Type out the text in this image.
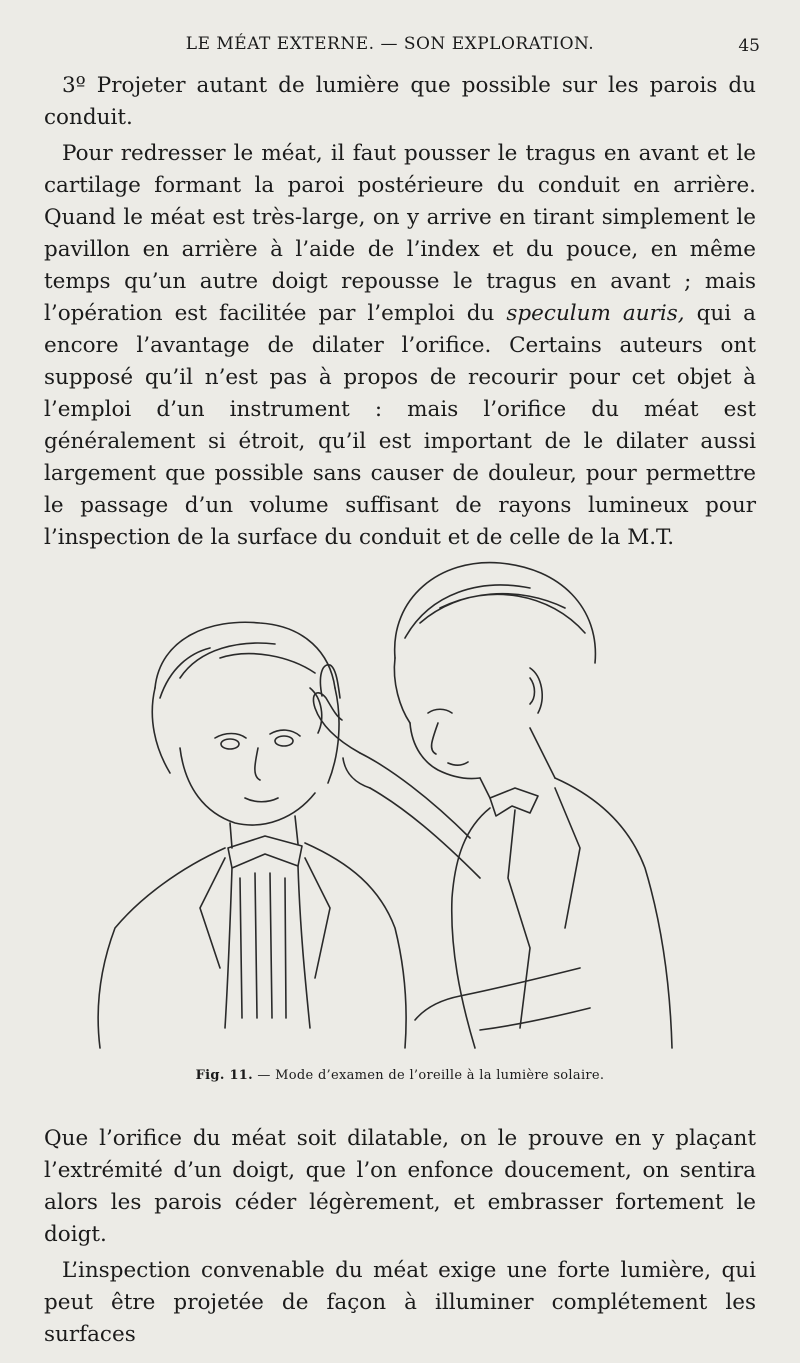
LE MÉAT EXTERNE. — SON EXPLORATION.	45

3º Projeter autant de lumière que possible sur les parois du conduit.

Pour redresser le méat, il faut pousser le tragus en avant et le cartilage formant la paroi postérieure du conduit en arrière. Quand le méat est très-large, on y arrive en tirant simplement le pavillon en arrière à l’aide de l’index et du pouce, en même temps qu’un autre doigt repousse le tragus en avant ; mais l’opération est facilitée par l’emploi du speculum auris, qui a encore l’avantage de dilater l’orifice. Certains auteurs ont supposé qu’il n’est pas à propos de recourir pour cet objet à l’emploi d’un instrument : mais l’orifice du méat est généralement si étroit, qu’il est important de le dilater aussi largement que possible sans causer de douleur, pour permettre le passage d’un volume suffisant de rayons lumineux pour l’inspection de la surface du conduit et de celle de la M.T.

Fig. 11. — Mode d’examen de l’oreille à la lumière solaire.

Que l’orifice du méat soit dilatable, on le prouve en y plaçant l’extrémité d’un doigt, que l’on enfonce doucement, on sentira alors les parois céder légèrement, et embrasser fortement le doigt.

L’inspection convenable du méat exige une forte lumière, qui peut être projetée de façon à illuminer complétement les surfaces
